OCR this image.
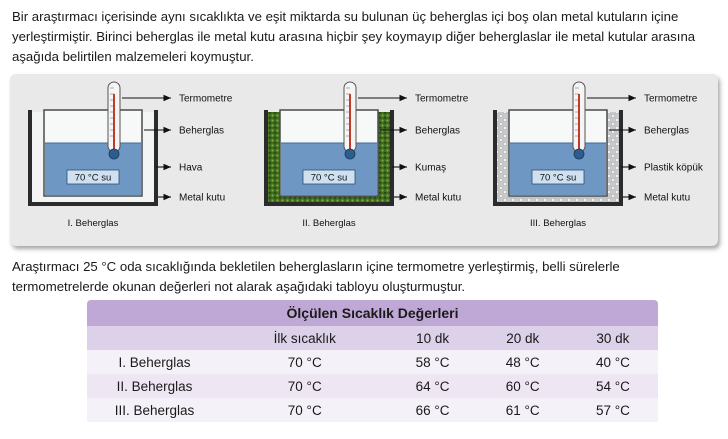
Bir araştırmacı içerisinde aynı sıcaklıkta ve eşit miktarda su bulunan üç beherglas içi boş olan metal kutuların içine yerleştirmiştir. Birinci beherglas ile metal kutu arasına hiçbir şey koymayıp diğer beherglaslar ile metal kutular arasına aşağıda belirtilen malzemeleri koymuştur.

70 °C su
Termometre
Beherglas
Hava
Metal kutu
I. Beherglas
70 °C su
Termometre
Beherglas
Kumaş
Metal kutu
II. Beherglas
70 °C su
Termometre
Beherglas
Plastik köpük
Metal kutu
III. Beherglas

Araştırmacı 25 °C oda sıcaklığında bekletilen beherglasların içine termometre yerleştirmiş, belli sürelerle termometrelerde okunan değerleri not alarak aşağıdaki tabloyu oluşturmuştur.

Ölçülen Sıcaklık Değerleri				
	İlk sıcaklık	10 dk	20 dk	30 dk
I. Beherglas	70 °C	58 °C	48 °C	40 °C
II. Beherglas	70 °C	64 °C	60 °C	54 °C
III. Beherglas	70 °C	66 °C	61 °C	57 °C
